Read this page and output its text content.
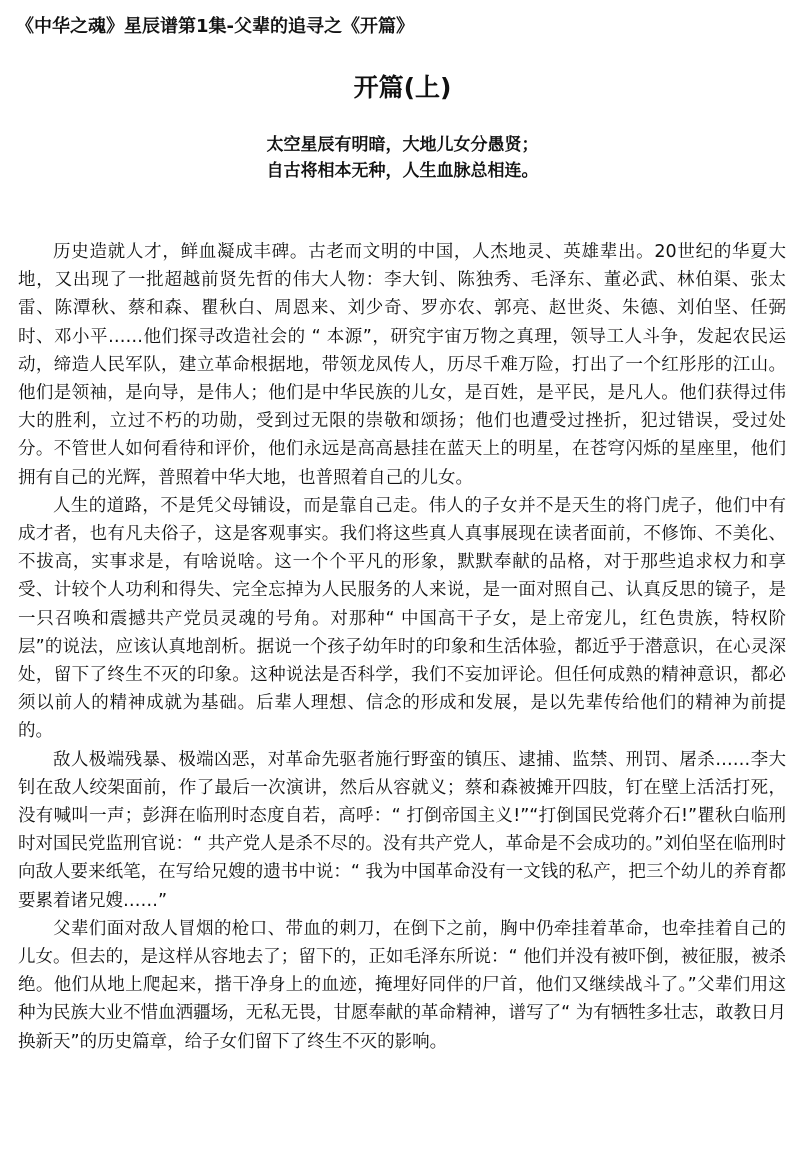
《中华之魂》星辰谱第1集-父辈的追寻之《开篇》
开篇(上)
太空星辰有明暗，大地儿女分愚贤；
自古将相本无种，人生血脉总相连。

历史造就人才，鲜血凝成丰碑。古老而文明的中国，人杰地灵、英雄辈出。20世纪的华夏大地，又出现了一批超越前贤先哲的伟大人物：李大钊、陈独秀、毛泽东、董必武、林伯渠、张太雷、陈潭秋、蔡和森、瞿秋白、周恩来、刘少奇、罗亦农、郭亮、赵世炎、朱德、刘伯坚、任弼时、邓小平……他们探寻改造社会的 “ 本源”，研究宇宙万物之真理，领导工人斗争，发起农民运动，缔造人民军队，建立革命根据地，带领龙凤传人，历尽千难万险，打出了一个红彤彤的江山。他们是领袖，是向导，是伟人；他们是中华民族的儿女，是百姓，是平民，是凡人。他们获得过伟大的胜利，立过不朽的功勋，受到过无限的崇敬和颂扬；他们也遭受过挫折，犯过错误，受过处分。不管世人如何看待和评价，他们永远是高高悬挂在蓝天上的明星，在苍穹闪烁的星座里，他们拥有自己的光辉，普照着中华大地，也普照着自己的儿女。

人生的道路，不是凭父母铺设，而是靠自己走。伟人的子女并不是天生的将门虎子，他们中有成才者，也有凡夫俗子，这是客观事实。我们将这些真人真事展现在读者面前，不修饰、不美化、不拔高，实事求是，有啥说啥。这一个个平凡的形象，默默奉献的品格，对于那些追求权力和享受、计较个人功利和得失、完全忘掉为人民服务的人来说，是一面对照自己、认真反思的镜子，是一只召唤和震撼共产党员灵魂的号角。对那种“ 中国高干子女，是上帝宠儿，红色贵族，特权阶层”的说法，应该认真地剖析。据说一个孩子幼年时的印象和生活体验，都近乎于潜意识，在心灵深处，留下了终生不灭的印象。这种说法是否科学，我们不妄加评论。但任何成熟的精神意识，都必须以前人的精神成就为基础。后辈人理想、信念的形成和发展，是以先辈传给他们的精神为前提的。

敌人极端残暴、极端凶恶，对革命先驱者施行野蛮的镇压、逮捕、监禁、刑罚、屠杀……李大钊在敌人绞架面前，作了最后一次演讲，然后从容就义；蔡和森被摊开四肢，钉在壁上活活打死，没有喊叫一声；彭湃在临刑时态度自若，高呼：“ 打倒帝国主义!”“打倒国民党蒋介石!”瞿秋白临刑时对国民党监刑官说：“ 共产党人是杀不尽的。没有共产党人，革命是不会成功的。”刘伯坚在临刑时向敌人要来纸笔，在写给兄嫂的遗书中说：“ 我为中国革命没有一文钱的私产，把三个幼儿的养育都要累着诸兄嫂……”

父辈们面对敌人冒烟的枪口、带血的刺刀，在倒下之前，胸中仍牵挂着革命，也牵挂着自己的儿女。但去的，是这样从容地去了；留下的，正如毛泽东所说：“ 他们并没有被吓倒，被征服，被杀绝。他们从地上爬起来，揩干净身上的血迹，掩埋好同伴的尸首，他们又继续战斗了。”父辈们用这种为民族大业不惜血洒疆场，无私无畏，甘愿奉献的革命精神，谱写了“ 为有牺牲多壮志，敢教日月换新天”的历史篇章，给子女们留下了终生不灭的影响。
